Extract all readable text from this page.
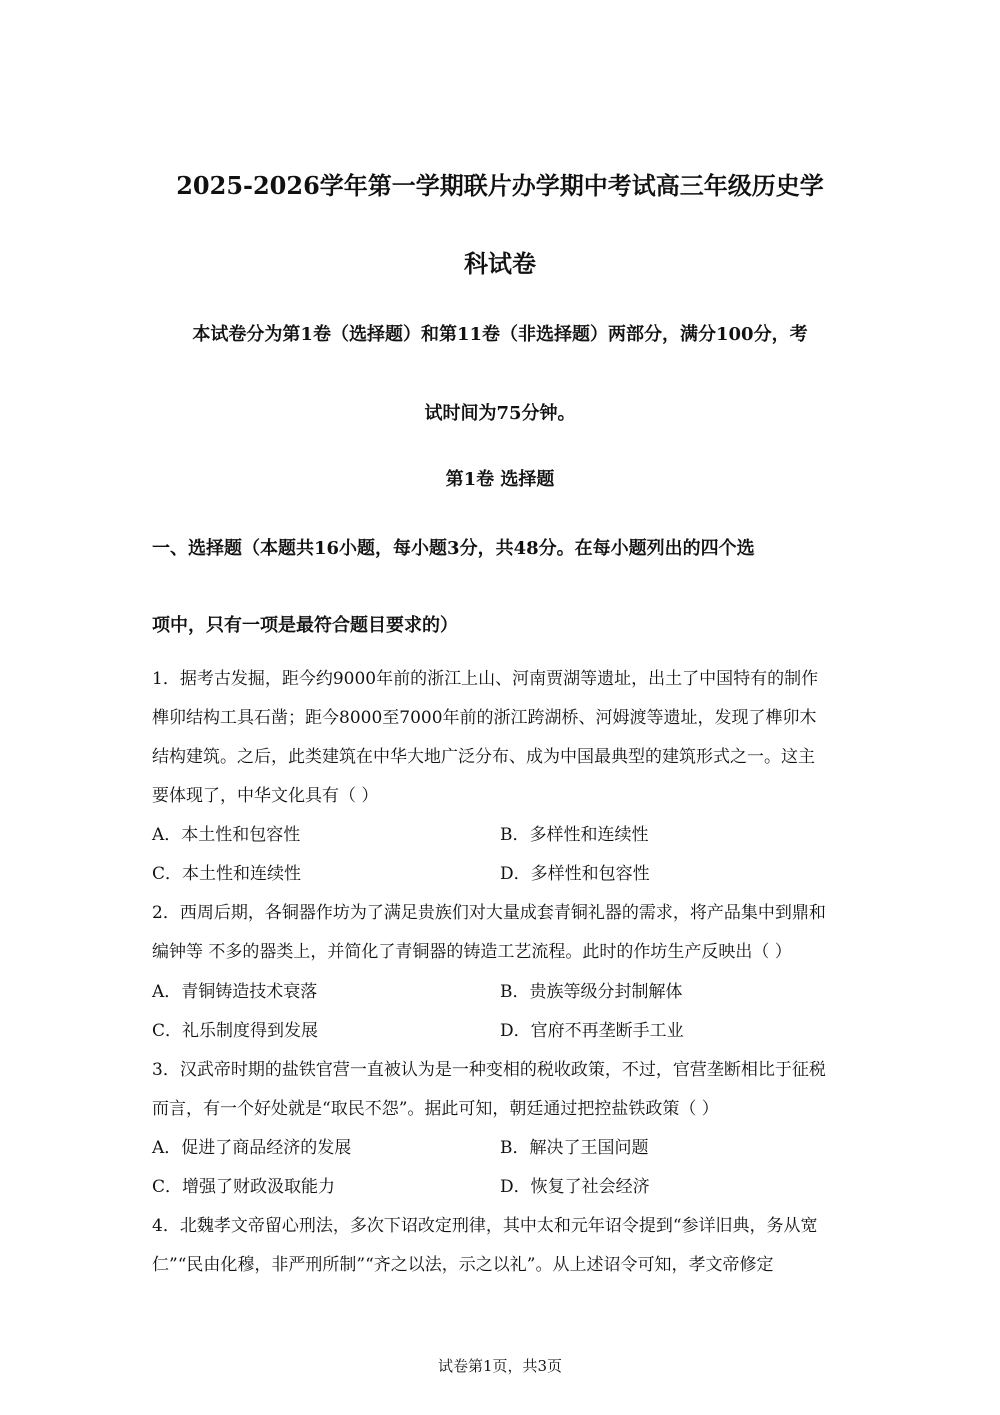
2025-2026学年第一学期联片办学期中考试高三年级历史学
科试卷
本试卷分为第1卷（选择题）和第11卷（非选择题）两部分，满分100分，考
试时间为75分钟。
第1卷 选择题
一、选择题（本题共16小题，每小题3分，共48分。在每小题列出的四个选
项中，只有一项是最符合题目要求的）
1．据考古发掘，距今约9000年前的浙江上山、河南贾湖等遗址，出土了中国特有的制作
榫卯结构工具石凿；距今8000至7000年前的浙江跨湖桥、河姆渡等遗址，发现了榫卯木
结构建筑。之后，此类建筑在中华大地广泛分布、成为中国最典型的建筑形式之一。这主
要体现了，中华文化具有（ ）
A．本土性和包容性	B．多样性和连续性
C．本土性和连续性	D．多样性和包容性
2．西周后期，各铜器作坊为了满足贵族们对大量成套青铜礼器的需求，将产品集中到鼎和
编钟等 不多的器类上，并简化了青铜器的铸造工艺流程。此时的作坊生产反映出（ ）
A．青铜铸造技术衰落	B．贵族等级分封制解体
C．礼乐制度得到发展	D．官府不再垄断手工业
3．汉武帝时期的盐铁官营一直被认为是一种变相的税收政策，不过，官营垄断相比于征税
而言，有一个好处就是“取民不怨”。据此可知，朝廷通过把控盐铁政策（ ）
A．促进了商品经济的发展	B．解决了王国问题
C．增强了财政汲取能力	D．恢复了社会经济
4．北魏孝文帝留心刑法，多次下诏改定刑律，其中太和元年诏令提到“参详旧典，务从宽
仁”“民由化穆，非严刑所制”“齐之以法，示之以礼”。从上述诏令可知，孝文帝修定
试卷第1页，共3页
